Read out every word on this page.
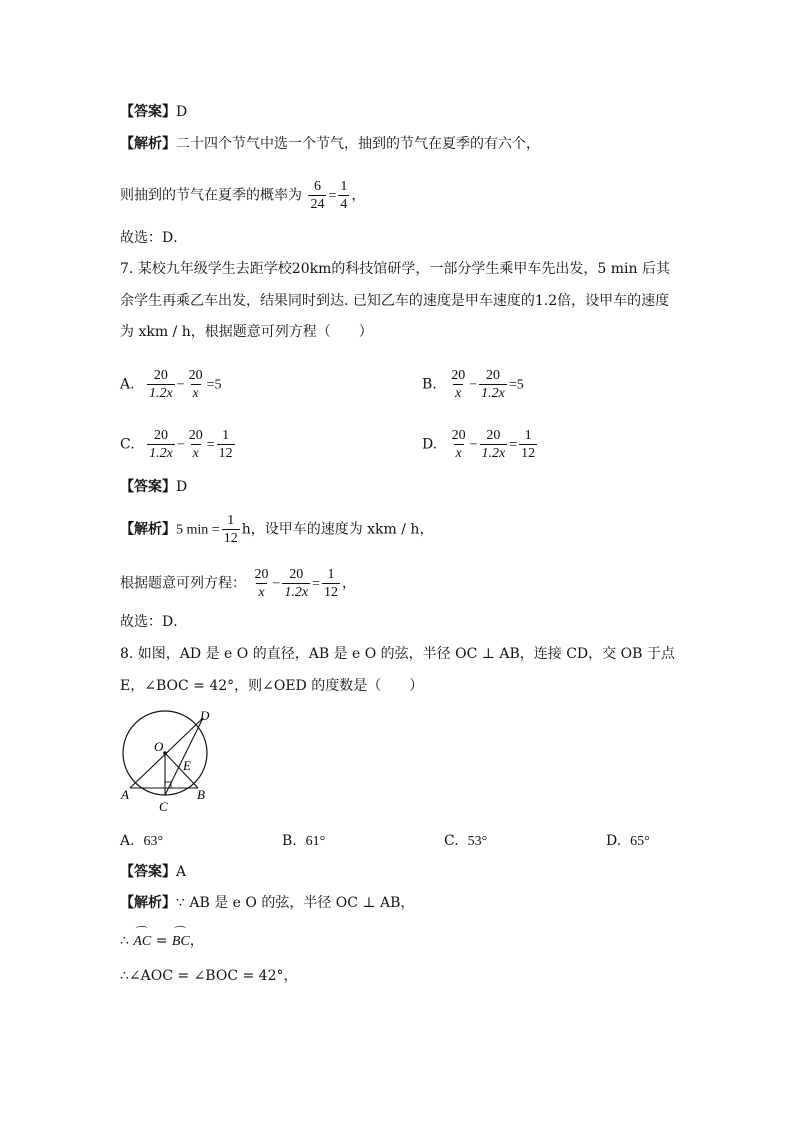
【答案】D
【解析】二十四个节气中选一个节气，抽到的节气在夏季的有六个，
则抽到的节气在夏季的概率为 $\frac{6}{24} = \frac{1}{4}$ ，
故选：D．
7. 某校九年级学生去距学校20km的科技馆研学，一部分学生乘甲车先出发，5 min 后其
余学生再乘乙车出发，结果同时到达. 已知乙车的速度是甲车速度的1.2倍，设甲车的速度
为 xkm / h，根据题意可列方程（　　）
A. $\frac{20}{1.2x} - \frac{20}{x} =5$	B. $\frac{20}{x} - \frac{20}{1.2x} =5$
C. $\frac{20}{1.2x} - \frac{20}{x} = \frac{1}{12}$	D. $\frac{20}{x} - \frac{20}{1.2x} = \frac{1}{12}$
【答案】D
【解析】5 $\min = \frac{1}{12}$ h，设甲车的速度为 xkm / h，
根据题意可列方程： $\frac{20}{x} - \frac{20}{1.2x} = \frac{1}{12}$ ，
故选：D．
8. 如图，AD 是 e O 的直径，AB 是 e O 的弦，半径 OC ⊥ AB，连接 CD，交 OB 于点
E，∠BOC = 42°，则∠OED 的度数是（　　）
D
O
E
A
C
B
A. 63°	B. 61°	C. 53°	D. 65°
【答案】A
【解析】∵ AB 是 e O 的弦，半径 OC ⊥ AB，
∴ ⌒ AC = ⌒ BC，
∴∠AOC = ∠BOC = 42°，
